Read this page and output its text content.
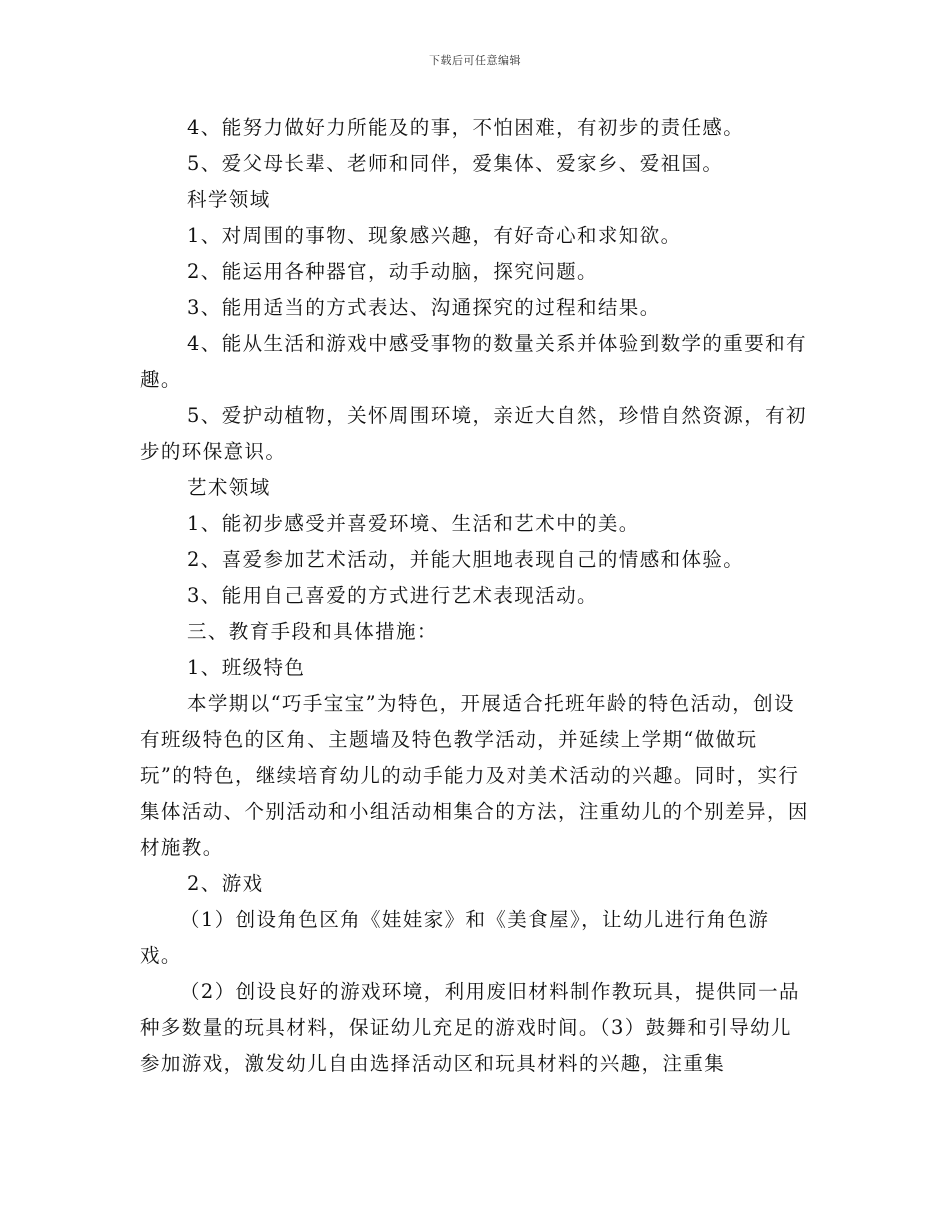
下载后可任意编辑

4、能努力做好力所能及的事，不怕困难，有初步的责任感。

5、爱父母长辈、老师和同伴，爱集体、爱家乡、爱祖国。

科学领域

1、对周围的事物、现象感兴趣，有好奇心和求知欲。

2、能运用各种器官，动手动脑，探究问题。

3、能用适当的方式表达、沟通探究的过程和结果。

4、能从生活和游戏中感受事物的数量关系并体验到数学的重要和有趣。

5、爱护动植物，关怀周围环境，亲近大自然，珍惜自然资源，有初步的环保意识。

艺术领域

1、能初步感受并喜爱环境、生活和艺术中的美。

2、喜爱参加艺术活动，并能大胆地表现自己的情感和体验。

3、能用自己喜爱的方式进行艺术表现活动。

三、教育手段和具体措施：

1、班级特色

本学期以“巧手宝宝”为特色，开展适合托班年龄的特色活动，创设有班级特色的区角、主题墙及特色教学活动，并延续上学期“做做玩玩”的特色，继续培育幼儿的动手能力及对美术活动的兴趣。同时，实行集体活动、个别活动和小组活动相集合的方法，注重幼儿的个别差异，因材施教。

2、游戏

（1）创设角色区角《娃娃家》和《美食屋》，让幼儿进行角色游戏。

（2）创设良好的游戏环境，利用废旧材料制作教玩具，提供同一品种多数量的玩具材料，保证幼儿充足的游戏时间。（3）鼓舞和引导幼儿参加游戏，激发幼儿自由选择活动区和玩具材料的兴趣，注重集
